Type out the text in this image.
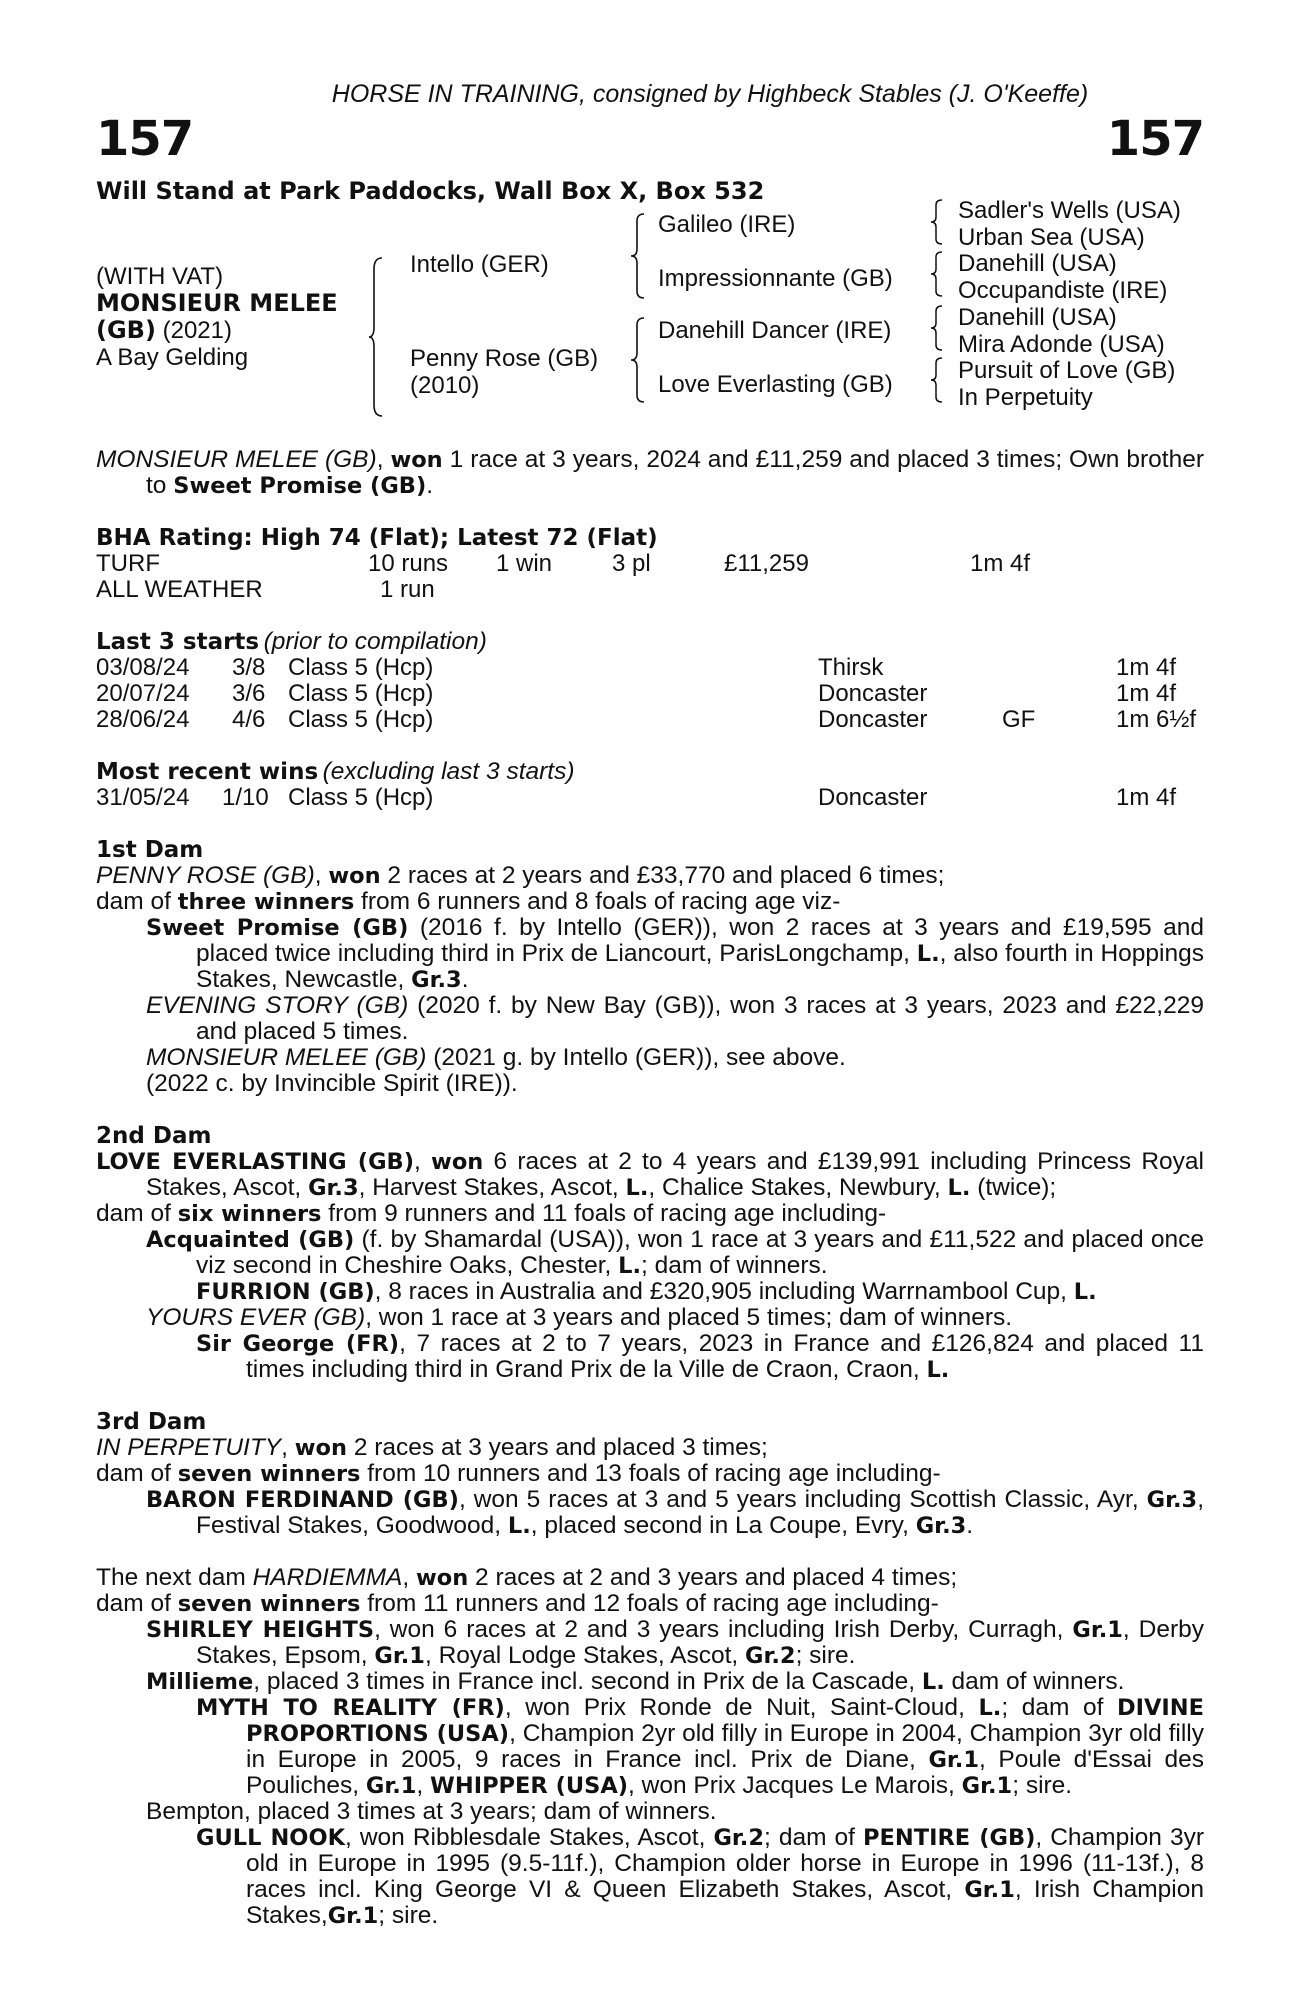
HORSE IN TRAINING, consigned by Highbeck Stables (J. O'Keeffe)
157	157
Will Stand at Park Paddocks, Wall Box X, Box 532
(WITH VAT)
MONSIEUR MELEE
(GB) (2021)
A Bay Gelding
Intello (GER)
Penny Rose (GB)
(2010)
Galileo (IRE)
Impressionnante (GB)
Danehill Dancer (IRE)
Love Everlasting (GB)
Sadler's Wells (USA)
Urban Sea (USA)
Danehill (USA)
Occupandiste (IRE)
Danehill (USA)
Mira Adonde (USA)
Pursuit of Love (GB)
In Perpetuity
MONSIEUR MELEE (GB), won 1 race at 3 years, 2024 and £11,259 and placed 3 times; Own brother to Sweet Promise (GB).
BHA Rating: High 74 (Flat); Latest 72 (Flat)
TURF	10 runs 1 win 3 pl	£11,259	1m 4f
ALL WEATHER	1 run
Last 3 starts (prior to compilation)
03/08/24 3/8 Class 5 (Hcp)	Thirsk	1m 4f
20/07/24 3/6 Class 5 (Hcp)	Doncaster	1m 4f
28/06/24 4/6 Class 5 (Hcp)	Doncaster	GF	1m 6½f
Most recent wins (excluding last 3 starts)
31/05/24 1/10 Class 5 (Hcp)	Doncaster	1m 4f
1st Dam
PENNY ROSE (GB), won 2 races at 2 years and £33,770 and placed 6 times;
dam of three winners from 6 runners and 8 foals of racing age viz-
Sweet Promise (GB) (2016 f. by Intello (GER)), won 2 races at 3 years and £19,595 and placed twice including third in Prix de Liancourt, ParisLongchamp, L., also fourth in Hoppings Stakes, Newcastle, Gr.3.
EVENING STORY (GB) (2020 f. by New Bay (GB)), won 3 races at 3 years, 2023 and £22,229 and placed 5 times.
MONSIEUR MELEE (GB) (2021 g. by Intello (GER)), see above.
(2022 c. by Invincible Spirit (IRE)).
2nd Dam
LOVE EVERLASTING (GB), won 6 races at 2 to 4 years and £139,991 including Princess Royal Stakes, Ascot, Gr.3, Harvest Stakes, Ascot, L., Chalice Stakes, Newbury, L. (twice);
dam of six winners from 9 runners and 11 foals of racing age including-
Acquainted (GB) (f. by Shamardal (USA)), won 1 race at 3 years and £11,522 and placed once viz second in Cheshire Oaks, Chester, L.; dam of winners.
FURRION (GB), 8 races in Australia and £320,905 including Warrnambool Cup, L.
YOURS EVER (GB), won 1 race at 3 years and placed 5 times; dam of winners.
Sir George (FR), 7 races at 2 to 7 years, 2023 in France and £126,824 and placed 11 times including third in Grand Prix de la Ville de Craon, Craon, L.
3rd Dam
IN PERPETUITY, won 2 races at 3 years and placed 3 times;
dam of seven winners from 10 runners and 13 foals of racing age including-
BARON FERDINAND (GB), won 5 races at 3 and 5 years including Scottish Classic, Ayr, Gr.3, Festival Stakes, Goodwood, L., placed second in La Coupe, Evry, Gr.3.
The next dam HARDIEMMA, won 2 races at 2 and 3 years and placed 4 times;
dam of seven winners from 11 runners and 12 foals of racing age including-
SHIRLEY HEIGHTS, won 6 races at 2 and 3 years including Irish Derby, Curragh, Gr.1, Derby Stakes, Epsom, Gr.1, Royal Lodge Stakes, Ascot, Gr.2; sire.
Millieme, placed 3 times in France incl. second in Prix de la Cascade, L. dam of winners.
MYTH TO REALITY (FR), won Prix Ronde de Nuit, Saint-Cloud, L.; dam of DIVINE PROPORTIONS (USA), Champion 2yr old filly in Europe in 2004, Champion 3yr old filly in Europe in 2005, 9 races in France incl. Prix de Diane, Gr.1, Poule d'Essai des Pouliches, Gr.1, WHIPPER (USA), won Prix Jacques Le Marois, Gr.1; sire.
Bempton, placed 3 times at 3 years; dam of winners.
GULL NOOK, won Ribblesdale Stakes, Ascot, Gr.2; dam of PENTIRE (GB), Champion 3yr old in Europe in 1995 (9.5-11f.), Champion older horse in Europe in 1996 (11-13f.), 8 races incl. King George VI & Queen Elizabeth Stakes, Ascot, Gr.1, Irish Champion Stakes,Gr.1; sire.
